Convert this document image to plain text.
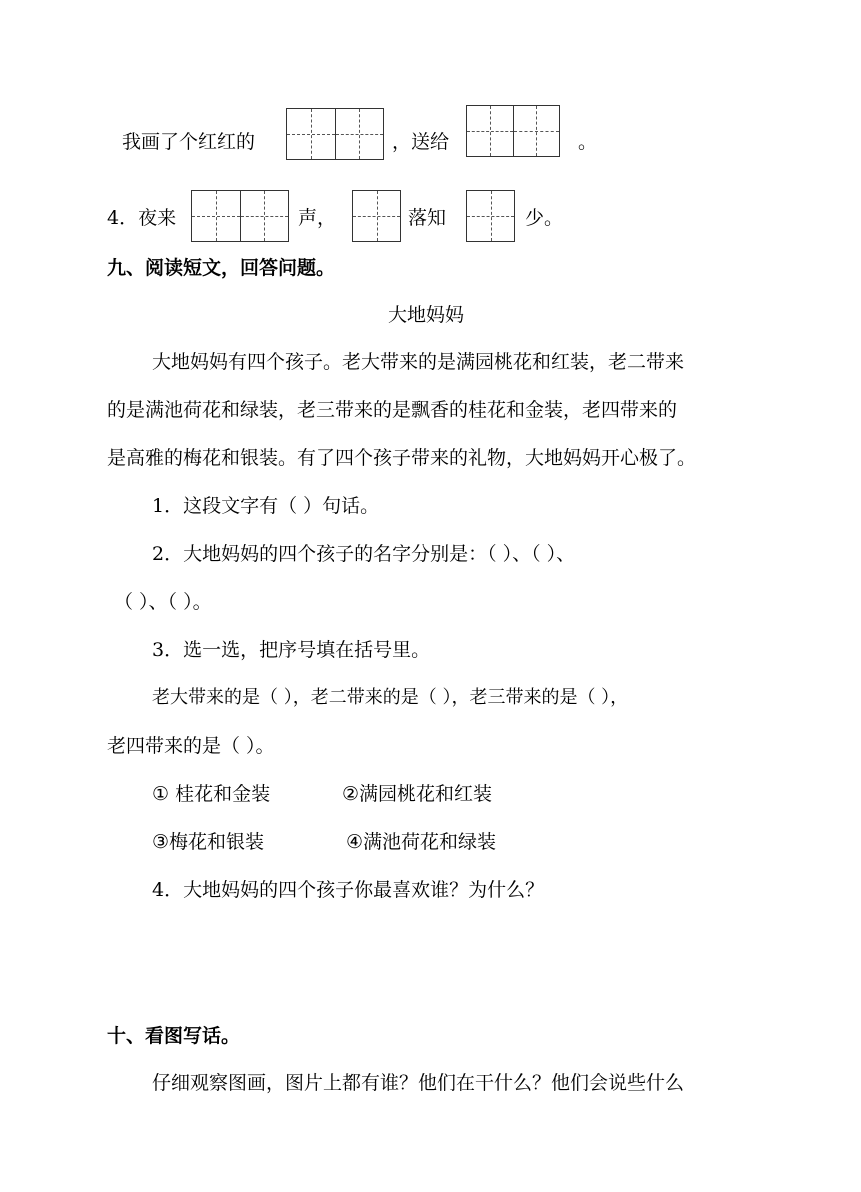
我画了个红红的	，送给	。
4．夜来	声，	落知	少。
九、阅读短文，回答问题。
大地妈妈
大地妈妈有四个孩子。老大带来的是满园桃花和红装，老二带来
的是满池荷花和绿装，老三带来的是飘香的桂花和金装，老四带来的
是高雅的梅花和银装。有了四个孩子带来的礼物，大地妈妈开心极了。
1．这段文字有（ ）句话。
2．大地妈妈的四个孩子的名字分别是：（ ）、（ ）、
（ ）、（ ）。
3．选一选，把序号填在括号里。
老大带来的是（ ），老二带来的是（ ），老三带来的是（ ），
老四带来的是（ ）。
① 桂花和金装	②满园桃花和红装
③梅花和银装	④满池荷花和绿装
4．大地妈妈的四个孩子你最喜欢谁？为什么？
十、看图写话。
仔细观察图画，图片上都有谁？他们在干什么？他们会说些什么
